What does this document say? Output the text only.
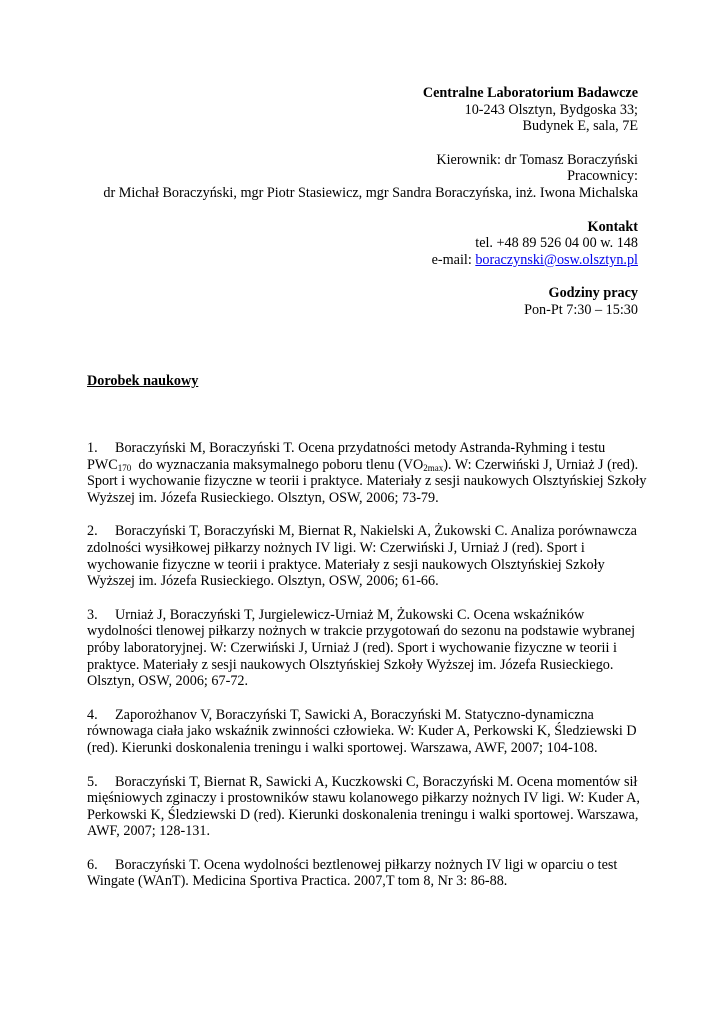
Centralne Laboratorium Badawcze

10-243 Olsztyn, Bydgoska 33;

Budynek E, sala, 7E

Kierownik: dr Tomasz Boraczyński

Pracownicy:

dr Michał Boraczyński, mgr Piotr Stasiewicz, mgr Sandra Boraczyńska, inż. Iwona Michalska

Kontakt

tel. +48 89 526 04 00 w. 148

e-mail: boraczynski@osw.olsztyn.pl

Godziny pracy

Pon-Pt 7:30 – 15:30

Dorobek naukowy

1. Boraczyński M, Boraczyński T. Ocena przydatności metody Astranda-Ryhming i testu $PWC_{170}$  do wyznaczania maksymalnego poboru tlenu $(VO_{2max})$. W: Czerwiński J, Urniaż J (red). Sport i wychowanie fizyczne w teorii i praktyce. Materiały z sesji naukowych Olsztyńskiej Szkoły Wyższej im. Józefa Rusieckiego. Olsztyn, OSW, 2006; 73-79.

2. Boraczyński T, Boraczyński M, Biernat R, Nakielski A, Żukowski C. Analiza porównawcza zdolności wysiłkowej piłkarzy nożnych IV ligi. W: Czerwiński J, Urniaż J (red). Sport i wychowanie fizyczne w teorii i praktyce. Materiały z sesji naukowych Olsztyńskiej Szkoły Wyższej im. Józefa Rusieckiego. Olsztyn, OSW, 2006; 61-66.

3. Urniaż J, Boraczyński T, Jurgielewicz-Urniaż M, Żukowski C. Ocena wskaźników wydolności tlenowej piłkarzy nożnych w trakcie przygotowań do sezonu na podstawie wybranej próby laboratoryjnej. W: Czerwiński J, Urniaż J (red). Sport i wychowanie fizyczne w teorii i praktyce. Materiały z sesji naukowych Olsztyńskiej Szkoły Wyższej im. Józefa Rusieckiego. Olsztyn, OSW, 2006; 67-72.

4. Zaporożhanov V, Boraczyński T, Sawicki A, Boraczyński M. Statyczno-dynamiczna równowaga ciała jako wskaźnik zwinności człowieka. W: Kuder A, Perkowski K, Śledziewski D (red). Kierunki doskonalenia treningu i walki sportowej. Warszawa, AWF, 2007; 104-108.

5. Boraczyński T, Biernat R, Sawicki A, Kuczkowski C, Boraczyński M. Ocena momentów sił mięśniowych zginaczy i prostowników stawu kolanowego piłkarzy nożnych IV ligi. W: Kuder A, Perkowski K, Śledziewski D (red). Kierunki doskonalenia treningu i walki sportowej. Warszawa, AWF, 2007; 128-131.

6. Boraczyński T. Ocena wydolności beztlenowej piłkarzy nożnych IV ligi w oparciu o test Wingate (WAnT). Medicina Sportiva Practica. 2007,T tom 8, Nr 3: 86-88.
